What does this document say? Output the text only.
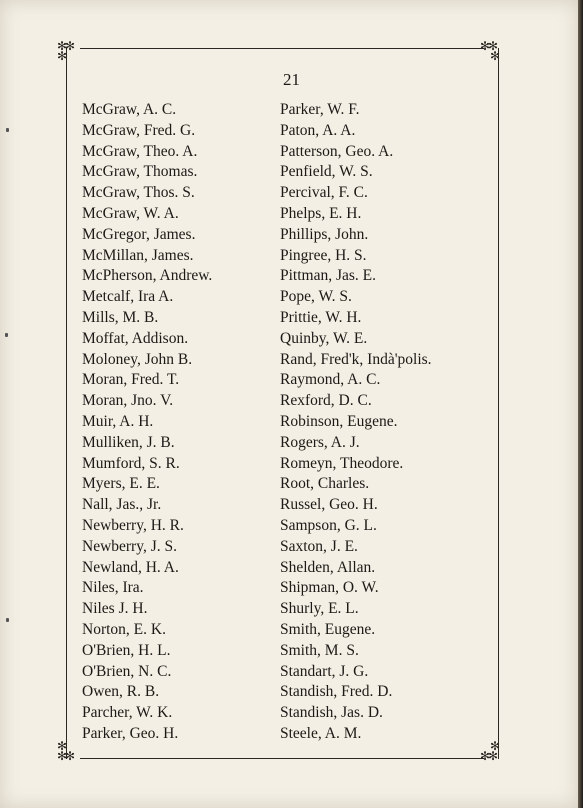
✻✻
✻
✻✻
✻
✻
✻✻
✻
✻✻
21
McGraw, A. C.
McGraw, Fred. G.
McGraw, Theo. A.
McGraw, Thomas.
McGraw, Thos. S.
McGraw, W. A.
McGregor, James.
McMillan, James.
McPherson, Andrew.
Metcalf, Ira A.
Mills, M. B.
Moffat, Addison.
Moloney, John B.
Moran, Fred. T.
Moran, Jno. V.
Muir, A. H.
Mulliken, J. B.
Mumford, S. R.
Myers, E. E.
Nall, Jas., Jr.
Newberry, H. R.
Newberry, J. S.
Newland, H. A.
Niles, Ira.
Niles J. H.
Norton, E. K.
O'Brien, H. L.
O'Brien, N. C.
Owen, R. B.
Parcher, W. K.
Parker, Geo. H.
Parker, W. F.
Paton, A. A.
Patterson, Geo. A.
Penfield, W. S.
Percival, F. C.
Phelps, E. H.
Phillips, John.
Pingree, H. S.
Pittman, Jas. E.
Pope, W. S.
Prittie, W. H.
Quinby, W. E.
Rand, Fred'k, Indà'polis.
Raymond, A. C.
Rexford, D. C.
Robinson, Eugene.
Rogers, A. J.
Romeyn, Theodore.
Root, Charles.
Russel, Geo. H.
Sampson, G. L.
Saxton, J. E.
Shelden, Allan.
Shipman, O. W.
Shurly, E. L.
Smith, Eugene.
Smith, M. S.
Standart, J. G.
Standish, Fred. D.
Standish, Jas. D.
Steele, A. M.
